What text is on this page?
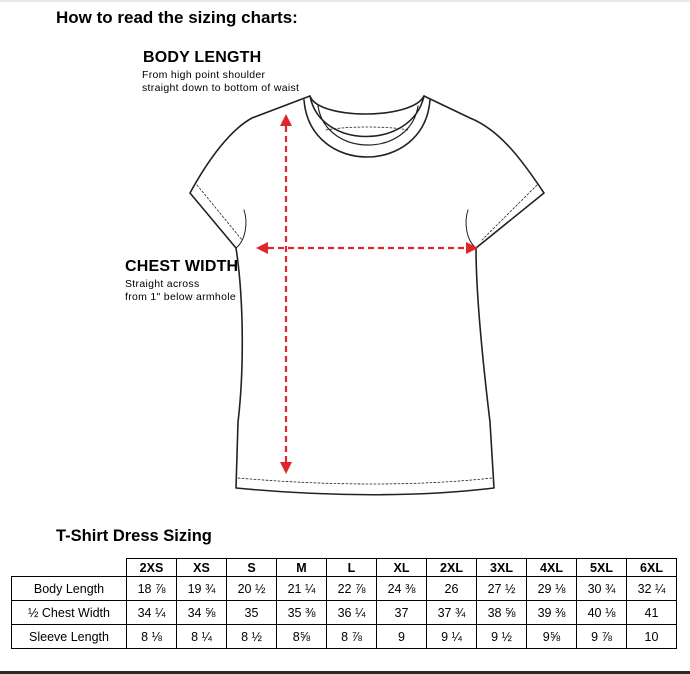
How to read the sizing charts:
BODY LENGTH
From high point shoulder
straight down to bottom of waist
CHEST WIDTH
Straight across
from 1" below armhole
T-Shirt Dress Sizing
	2XS	XS	S	M	L	XL	2XL	3XL	4XL	5XL	6XL
Body Length	18 ⅞	19 ¾	20 ½	21 ¼	22 ⅞	24 ⅜	26	27 ½	29 ⅛	30 ¾	32 ¼
½ Chest Width	34 ¼	34 ⅝	35	35 ⅜	36 ¼	37	37 ¾	38 ⅝	39 ⅜	40 ⅛	41
Sleeve Length	8 ⅛	8 ¼	8 ½	8⅝	8 ⅞	9	9 ¼	9 ½	9⅝	9 ⅞	10
